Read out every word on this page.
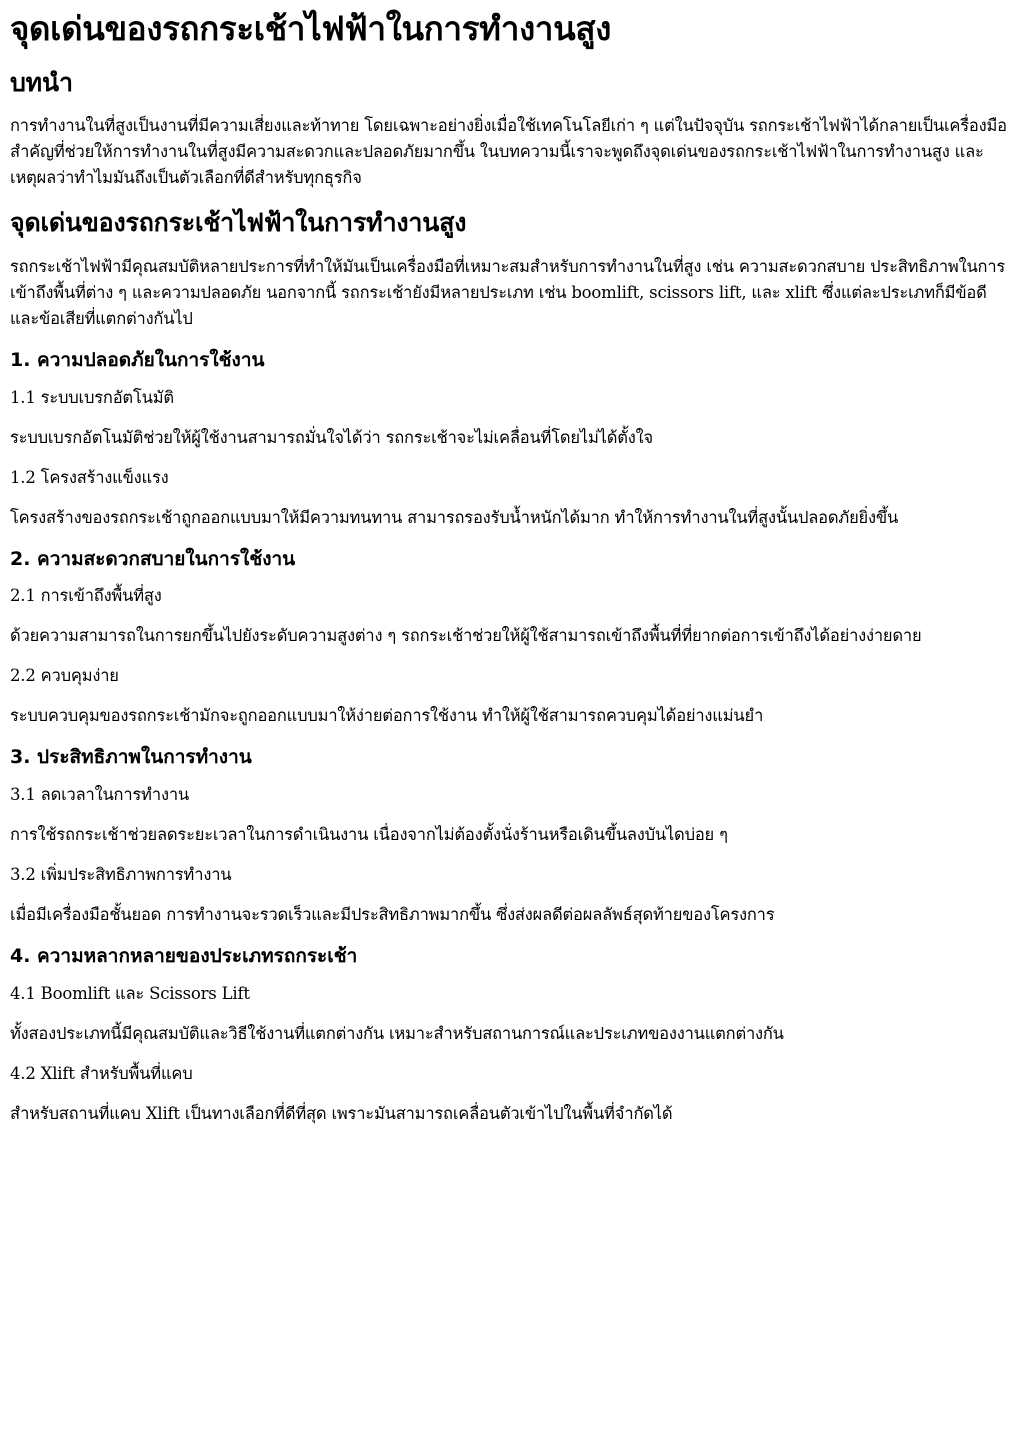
จุดเด่นของรถกระเช้าไฟฟ้าในการทำงานสูง
บทนำ

การทำงานในที่สูงเป็นงานที่มีความเสี่ยงและท้าทาย โดยเฉพาะอย่างยิ่งเมื่อใช้เทคโนโลยีเก่า ๆ แต่ในปัจจุบัน รถกระเช้าไฟฟ้าได้กลายเป็นเครื่องมือสำคัญที่ช่วยให้การทำงานในที่สูงมีความสะดวกและปลอดภัยมากขึ้น ในบทความนี้เราจะพูดถึงจุดเด่นของรถกระเช้าไฟฟ้าในการทำงานสูง และเหตุผลว่าทำไมมันถึงเป็นตัวเลือกที่ดีสำหรับทุกธุรกิจ

จุดเด่นของรถกระเช้าไฟฟ้าในการทำงานสูง

รถกระเช้าไฟฟ้ามีคุณสมบัติหลายประการที่ทำให้มันเป็นเครื่องมือที่เหมาะสมสำหรับการทำงานในที่สูง เช่น ความสะดวกสบาย ประสิทธิภาพในการเข้าถึงพื้นที่ต่าง ๆ และความปลอดภัย นอกจากนี้ รถกระเช้ายังมีหลายประเภท เช่น boomlift, scissors lift, และ xlift ซึ่งแต่ละประเภทก็มีข้อดีและข้อเสียที่แตกต่างกันไป

1. ความปลอดภัยในการใช้งาน

1.1 ระบบเบรกอัตโนมัติ

ระบบเบรกอัตโนมัติช่วยให้ผู้ใช้งานสามารถมั่นใจได้ว่า รถกระเช้าจะไม่เคลื่อนที่โดยไม่ได้ตั้งใจ

1.2 โครงสร้างแข็งแรง

โครงสร้างของรถกระเช้าถูกออกแบบมาให้มีความทนทาน สามารถรองรับน้ำหนักได้มาก ทำให้การทำงานในที่สูงนั้นปลอดภัยยิ่งขึ้น

2. ความสะดวกสบายในการใช้งาน

2.1 การเข้าถึงพื้นที่สูง

ด้วยความสามารถในการยกขึ้นไปยังระดับความสูงต่าง ๆ รถกระเช้าช่วยให้ผู้ใช้สามารถเข้าถึงพื้นที่ที่ยากต่อการเข้าถึงได้อย่างง่ายดาย

2.2 ควบคุมง่าย

ระบบควบคุมของรถกระเช้ามักจะถูกออกแบบมาให้ง่ายต่อการใช้งาน ทำให้ผู้ใช้สามารถควบคุมได้อย่างแม่นยำ

3. ประสิทธิภาพในการทำงาน

3.1 ลดเวลาในการทำงาน

การใช้รถกระเช้าช่วยลดระยะเวลาในการดำเนินงาน เนื่องจากไม่ต้องตั้งนั่งร้านหรือเดินขึ้นลงบันไดบ่อย ๆ

3.2 เพิ่มประสิทธิภาพการทำงาน

เมื่อมีเครื่องมือชั้นยอด การทำงานจะรวดเร็วและมีประสิทธิภาพมากขึ้น ซึ่งส่งผลดีต่อผลลัพธ์สุดท้ายของโครงการ

4. ความหลากหลายของประเภทรถกระเช้า

4.1 Boomlift และ Scissors Lift

ทั้งสองประเภทนี้มีคุณสมบัติและวิธีใช้งานที่แตกต่างกัน เหมาะสำหรับสถานการณ์และประเภทของงานแตกต่างกัน

4.2 Xlift สำหรับพื้นที่แคบ

สำหรับสถานที่แคบ Xlift เป็นทางเลือกที่ดีที่สุด เพราะมันสามารถเคลื่อนตัวเข้าไปในพื้นที่จำกัดได้
